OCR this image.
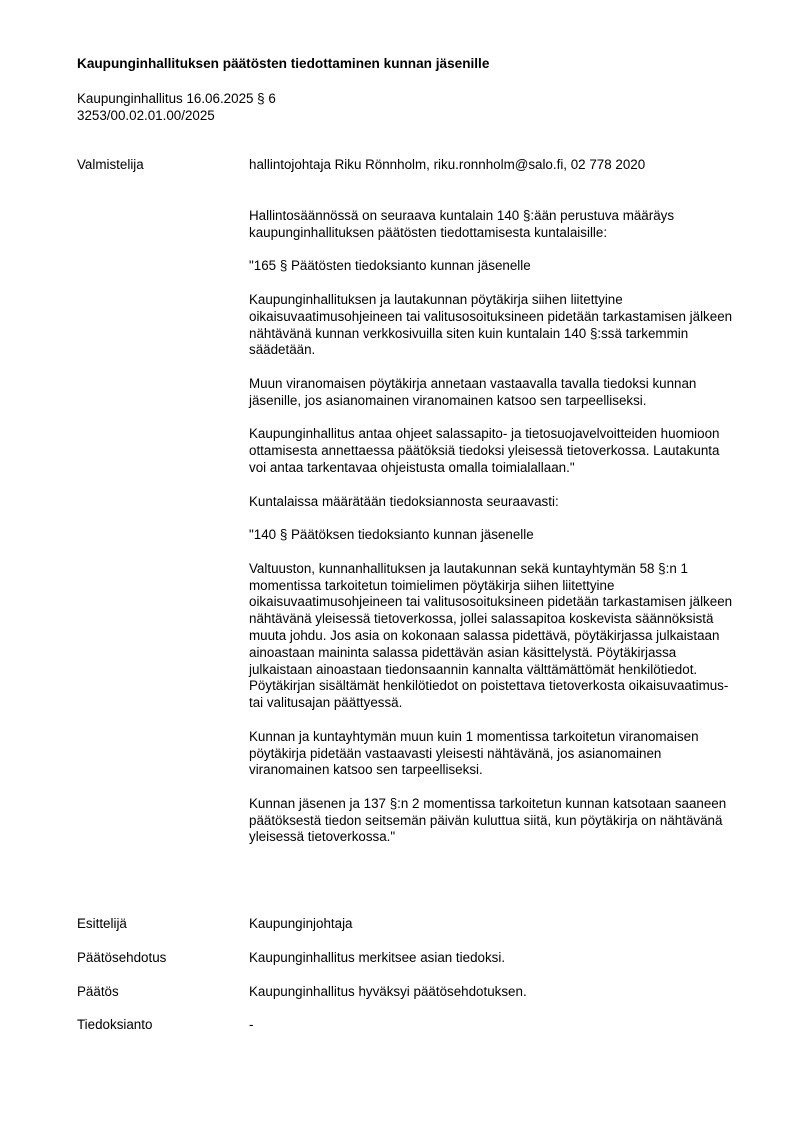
Kaupunginhallituksen päätösten tiedottaminen kunnan jäsenille
Kaupunginhallitus 16.06.2025 § 6
3253/00.02.01.00/2025
Valmistelija	hallintojohtaja Riku Rönnholm, riku.ronnholm@salo.fi, 02 778 2020

Hallintosäännössä on seuraava kuntalain 140 §:ään perustuva määräys kaupunginhallituksen päätösten tiedottamisesta kuntalaisille:

"165 § Päätösten tiedoksianto kunnan jäsenelle

Kaupunginhallituksen ja lautakunnan pöytäkirja siihen liitettyine oikaisuvaatimusohjeineen tai valitusosoituksineen pidetään tarkastamisen jälkeen nähtävänä kunnan verkkosivuilla siten kuin kuntalain 140 §:ssä tarkemmin säädetään.

Muun viranomaisen pöytäkirja annetaan vastaavalla tavalla tiedoksi kunnan jäsenille, jos asianomainen viranomainen katsoo sen tarpeelliseksi.

Kaupunginhallitus antaa ohjeet salassapito- ja tietosuojavelvoitteiden huomioon ottamisesta annettaessa päätöksiä tiedoksi yleisessä tietoverkossa. Lautakunta voi antaa tarkentavaa ohjeistusta omalla toimialallaan."

Kuntalaissa määrätään tiedoksiannosta seuraavasti:

"140 § Päätöksen tiedoksianto kunnan jäsenelle

Valtuuston, kunnanhallituksen ja lautakunnan sekä kuntayhtymän 58 §:n 1 momentissa tarkoitetun toimielimen pöytäkirja siihen liitettyine oikaisuvaatimusohjeineen tai valitusosoituksineen pidetään tarkastamisen jälkeen nähtävänä yleisessä tietoverkossa, jollei salassapitoa koskevista säännöksistä muuta johdu. Jos asia on kokonaan salassa pidettävä, pöytäkirjassa julkaistaan ainoastaan maininta salassa pidettävän asian käsittelystä. Pöytäkirjassa julkaistaan ainoastaan tiedonsaannin kannalta välttämättömät henkilötiedot. Pöytäkirjan sisältämät henkilötiedot on poistettava tietoverkosta oikaisuvaatimus- tai valitusajan päättyessä.

Kunnan ja kuntayhtymän muun kuin 1 momentissa tarkoitetun viranomaisen pöytäkirja pidetään vastaavasti yleisesti nähtävänä, jos asianomainen viranomainen katsoo sen tarpeelliseksi.

Kunnan jäsenen ja 137 §:n 2 momentissa tarkoitetun kunnan katsotaan saaneen päätöksestä tiedon seitsemän päivän kuluttua siitä, kun pöytäkirja on nähtävänä yleisessä tietoverkossa."

Esittelijä	Kaupunginjohtaja
Päätösehdotus	Kaupunginhallitus merkitsee asian tiedoksi.
Päätös	Kaupunginhallitus hyväksyi päätösehdotuksen.
Tiedoksianto	-
